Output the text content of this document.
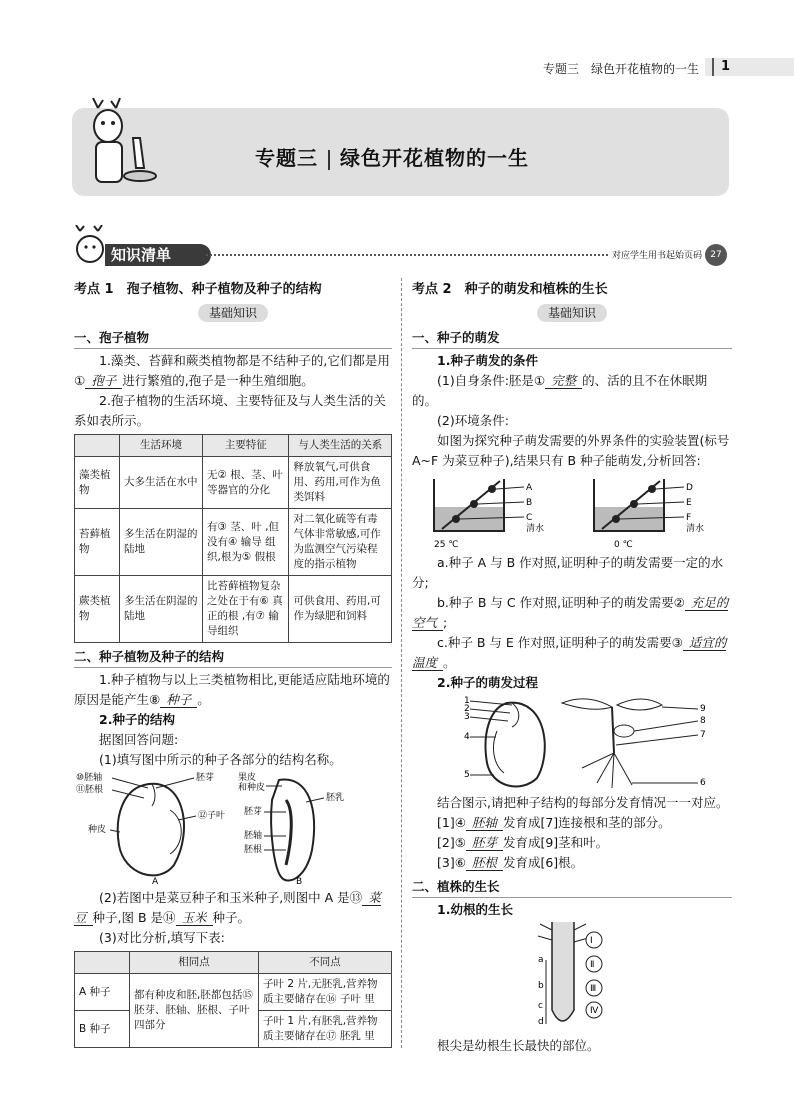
专题三　绿色开花植物的一生 1
专题三 绿色开花植物的一生
知识清单	对应学生用书起始页码 27
考点 1　孢子植物、种子植物及种子的结构
基础知识
一、孢子植物

1.藻类、苔藓和蕨类植物都是不结种子的,它们都是用① 孢子 进行繁殖的,孢子是一种生殖细胞。

2.孢子植物的生活环境、主要特征及与人类生活的关系如表所示。

	生活环境	主要特征	与人类生活的关系
藻类植物	大多生活在水中	无② 根、茎、叶 等器官的分化	释放氧气,可供食用、药用,可作为鱼类饵料
苔藓植物	多生活在阴湿的陆地	有③ 茎、叶 ,但没有④ 输导 组织,根为⑤ 假根	对二氧化硫等有毒气体非常敏感,可作为监测空气污染程度的指示植物
蕨类植物	多生活在阴湿的陆地	比苔藓植物复杂之处在于有⑥ 真正的根 ,有⑦ 输导组织	可供食用、药用,可作为绿肥和饲料
二、种子植物及种子的结构

1.种子植物与以上三类植物相比,更能适应陆地环境的原因是能产生⑧ 种子 。

2.种子的结构

据图回答问题:

(1)填写图中所示的种子各部分的结构名称。

⑩胚轴
⑪胚根
种皮
胚芽
⑫子叶
A
果皮
和种皮
胚芽
胚轴
胚根
胚乳
B

(2)若图中是菜豆种子和玉米种子,则图中 A 是⑬ 菜豆 种子,图 B 是⑭ 玉米 种子。

(3)对比分析,填写下表:

	相同点	不同点
A 种子	都有种皮和胚,胚都包括⑮ 胚芽、胚轴、胚根、子叶 四部分	子叶 2 片,无胚乳,营养物质主要储存在⑯ 子叶 里
B 种子		子叶 1 片,有胚乳,营养物质主要储存在⑰ 胚乳 里
考点 2　种子的萌发和植株的生长
基础知识
一、种子的萌发
1.种子萌发的条件

(1)自身条件:胚是① 完整 的、活的且不在休眠期的。

(2)环境条件:

如图为探究种子萌发需要的外界条件的实验装置(标号 A~F 为菜豆种子),结果只有 B 种子能萌发,分析回答:

A
B
C
清水
25 ℃
D
E
F
清水
0 ℃

a.种子 A 与 B 作对照,证明种子的萌发需要一定的水分;

b.种子 B 与 C 作对照,证明种子的萌发需要② 充足的空气 ;

c.种子 B 与 E 作对照,证明种子的萌发需要③ 适宜的温度 。

2.种子的萌发过程
1
2
3
4
5
9
8
7
6

结合图示,请把种子结构的每部分发育情况一一对应。

[1]④ 胚轴 发育成[7]连接根和茎的部分。

[2]⑤ 胚芽 发育成[9]茎和叶。

[3]⑥ 胚根 发育成[6]根。

二、植株的生长
1.幼根的生长
a
b
c
d
Ⅰ
Ⅱ
Ⅲ
Ⅳ

根尖是幼根生长最快的部位。
